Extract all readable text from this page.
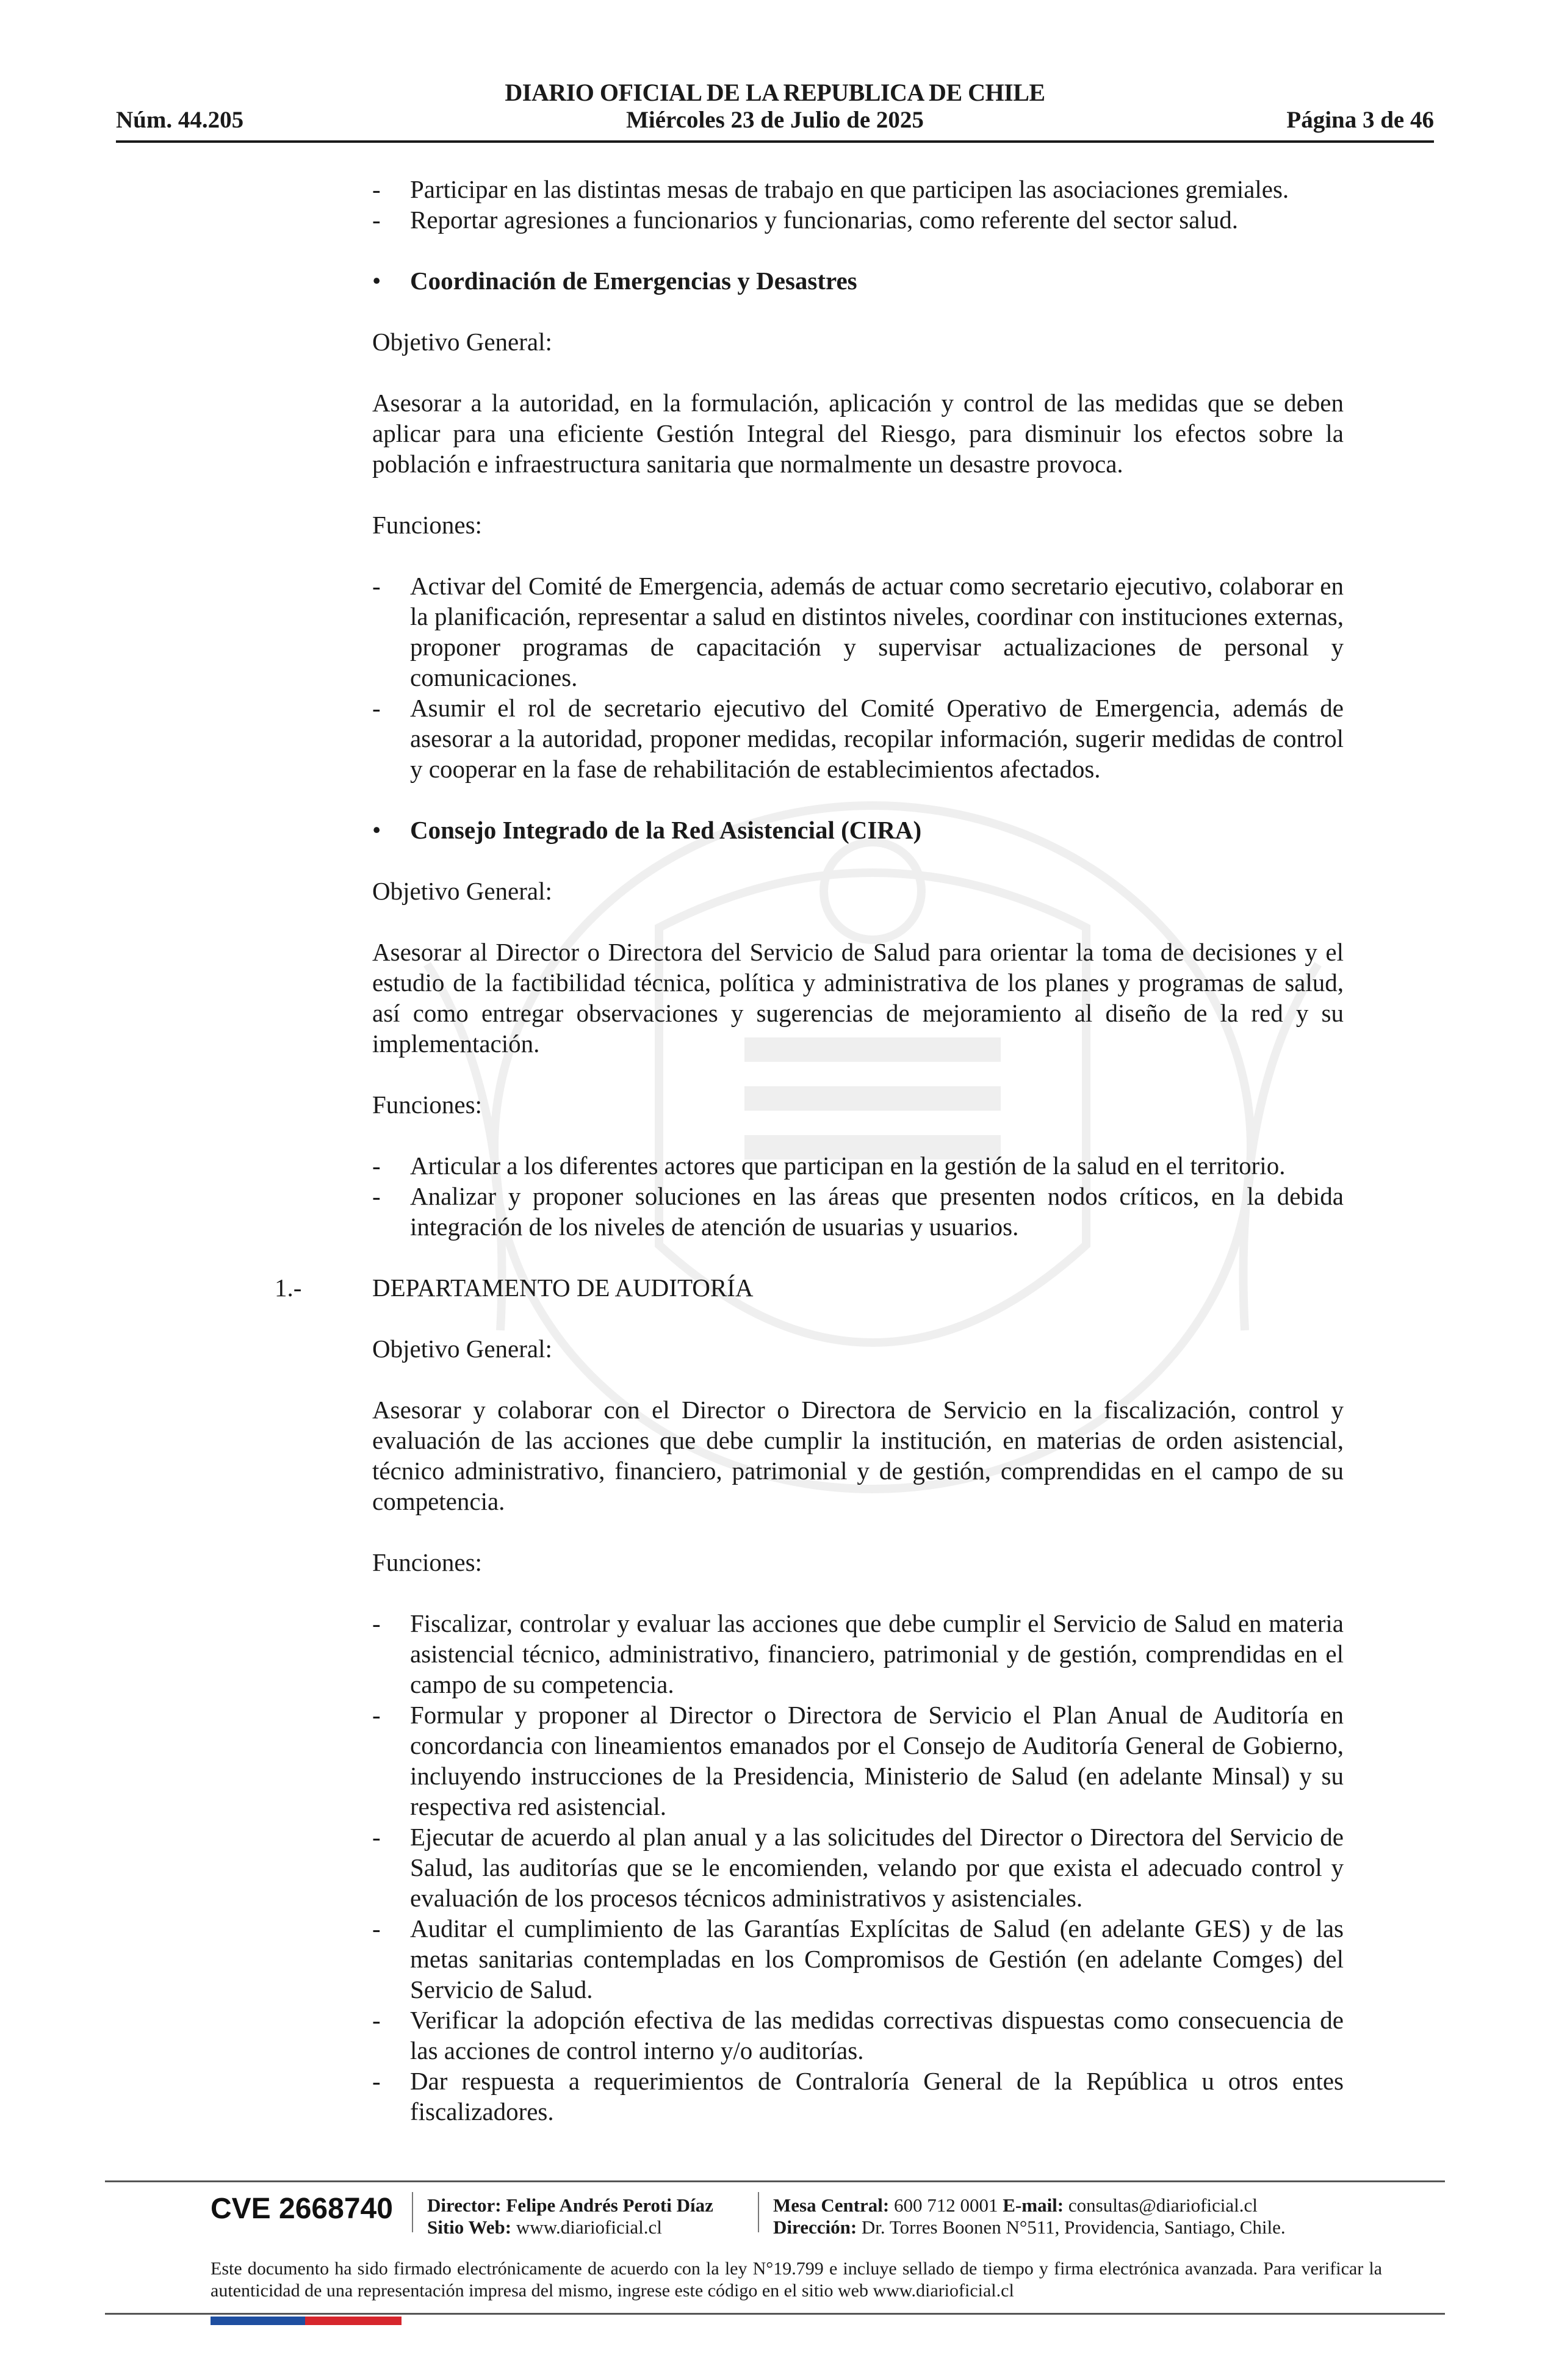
DIARIO OFICIAL DE LA REPUBLICA DE CHILE
Núm. 44.205	Miércoles 23 de Julio de 2025	Página 3 de 46

- Participar en las distintas mesas de trabajo en que participen las asociaciones gremiales.

- Reportar agresiones a funcionarios y funcionarias, como referente del sector salud.

• Coordinación de Emergencias y Desastres

Objetivo General:

Asesorar a la autoridad, en la formulación, aplicación y control de las medidas que se deben aplicar para una eficiente Gestión Integral del Riesgo, para disminuir los efectos sobre la población e infraestructura sanitaria que normalmente un desastre provoca.

Funciones:

- Activar del Comité de Emergencia, además de actuar como secretario ejecutivo, colaborar en la planificación, representar a salud en distintos niveles, coordinar con instituciones externas, proponer programas de capacitación y supervisar actualizaciones de personal y comunicaciones.

- Asumir el rol de secretario ejecutivo del Comité Operativo de Emergencia, además de asesorar a la autoridad, proponer medidas, recopilar información, sugerir medidas de control y cooperar en la fase de rehabilitación de establecimientos afectados.

• Consejo Integrado de la Red Asistencial (CIRA)

Objetivo General:

Asesorar al Director o Directora del Servicio de Salud para orientar la toma de decisiones y el estudio de la factibilidad técnica, política y administrativa de los planes y programas de salud, así como entregar observaciones y sugerencias de mejoramiento al diseño de la red y su implementación.

Funciones:

- Articular a los diferentes actores que participan en la gestión de la salud en el territorio.

- Analizar y proponer soluciones en las áreas que presenten nodos críticos, en la debida integración de los niveles de atención de usuarias y usuarios.

1.-	DEPARTAMENTO DE AUDITORÍA

Objetivo General:

Asesorar y colaborar con el Director o Directora de Servicio en la fiscalización, control y evaluación de las acciones que debe cumplir la institución, en materias de orden asistencial, técnico administrativo, financiero, patrimonial y de gestión, comprendidas en el campo de su competencia.

Funciones:

- Fiscalizar, controlar y evaluar las acciones que debe cumplir el Servicio de Salud en materia asistencial técnico, administrativo, financiero, patrimonial y de gestión, comprendidas en el campo de su competencia.

- Formular y proponer al Director o Directora de Servicio el Plan Anual de Auditoría en concordancia con lineamientos emanados por el Consejo de Auditoría General de Gobierno, incluyendo instrucciones de la Presidencia, Ministerio de Salud (en adelante Minsal) y su respectiva red asistencial.

- Ejecutar de acuerdo al plan anual y a las solicitudes del Director o Directora del Servicio de Salud, las auditorías que se le encomienden, velando por que exista el adecuado control y evaluación de los procesos técnicos administrativos y asistenciales.

- Auditar el cumplimiento de las Garantías Explícitas de Salud (en adelante GES) y de las metas sanitarias contempladas en los Compromisos de Gestión (en adelante Comges) del Servicio de Salud.

- Verificar la adopción efectiva de las medidas correctivas dispuestas como consecuencia de las acciones de control interno y/o auditorías.

- Dar respuesta a requerimientos de Contraloría General de la República u otros entes fiscalizadores.

CVE 2668740 Director: Felipe Andrés Peroti Díaz
Sitio Web: www.diarioficial.cl
Mesa Central: 600 712 0001 E-mail: consultas@diarioficial.cl
Dirección: Dr. Torres Boonen N°511, Providencia, Santiago, Chile.
Este documento ha sido firmado electrónicamente de acuerdo con la ley N°19.799 e incluye sellado de tiempo y firma electrónica avanzada. Para verificar la autenticidad de una representación impresa del mismo, ingrese este código en el sitio web www.diarioficial.cl
